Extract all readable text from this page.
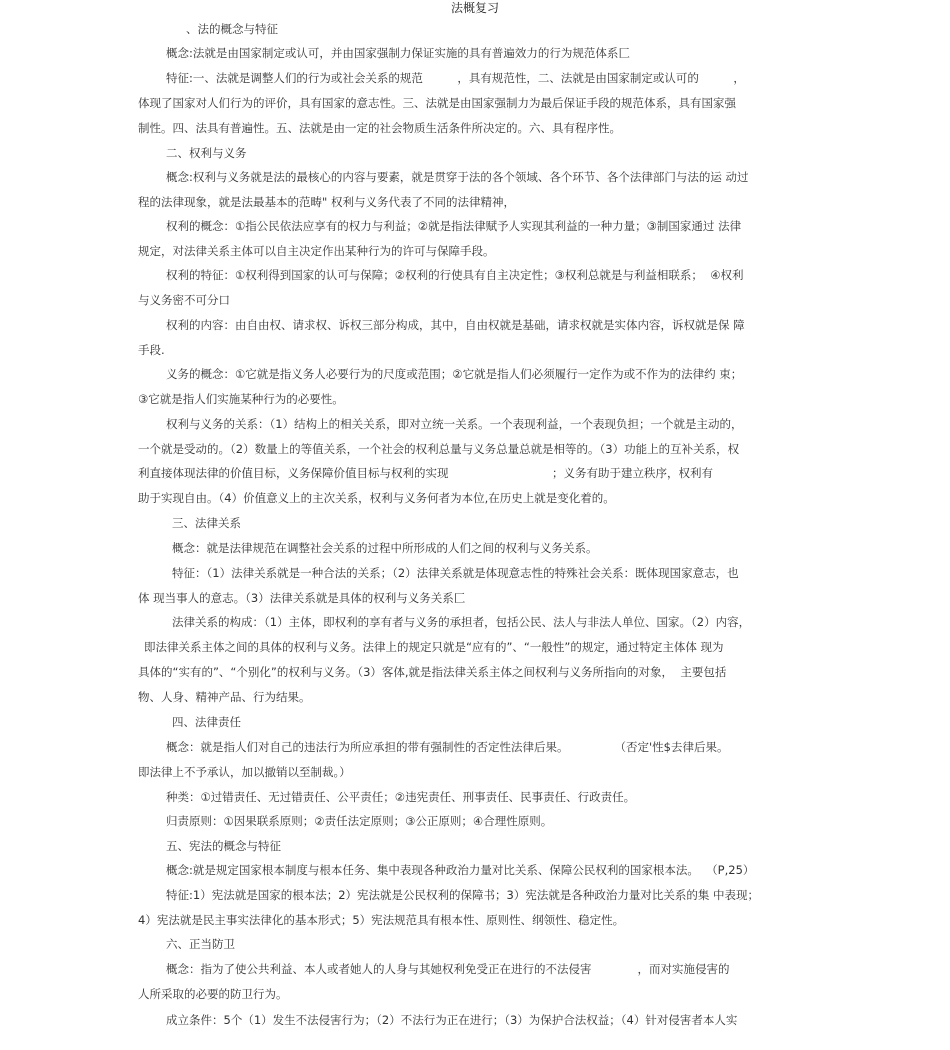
法概复习
、法的概念与特征
概念:法就是由国家制定或认可，并由国家强制力保证实施的具有普遍效力的行为规范体系匚
特征:一、法就是调整人们的行为或社会关系的规范　　　，具有规范性，二、法就是由国家制定或认可的　　　，
体现了国家对人们行为的评价，具有国家的意志性。三、法就是由国家强制力为最后保证手段的规范体系，具有国家强
制性。四、法具有普遍性。五、法就是由一定的社会物质生活条件所决定的。六、具有程序性。
二、权利与义务
概念:权利与义务就是法的最核心的内容与要素，就是贯穿于法的各个领域、各个环节、各个法律部门与法的运 动过
程的法律现象，就是法最基本的范畴" 权利与义务代表了不同的法律精神，
权利的概念：①指公民依法应享有的权力与利益；②就是指法律赋予人实现其利益的一种力量；③制国家通过 法律
规定，对法律关系主体可以自主决定作出某种行为的许可与保障手段。
权利的特征：①权利得到国家的认可与保障；②权利的行使具有自主决定性；③权利总就是与利益相联系；  ④权利
与义务密不可分口
权利的内容：由自由权、请求权、诉权三部分构成，其中，自由权就是基础，请求权就是实体内容，诉权就是保 障
手段.
义务的概念：①它就是指义务人必要行为的尺度或范围；②它就是指人们必须履行一定作为或不作为的法律约 束；
③它就是指人们实施某种行为的必要性。
权利与义务的关系：（1）结构上的相关关系，即对立统一关系。一个表现利益，一个表现负担；一个就是主动的，
一个就是受动的。（2）数量上的等值关系，一个社会的权利总量与义务总量总就是相等的。（3）功能上的互补关系，权
利直接体现法律的价值目标，义务保障价值目标与权利的实现　　　　　　　　　；义务有助于建立秩序，权利有
助于实现自由。（4）价值意义上的主次关系，权利与义务何者为本位,在历史上就是变化着的。
三、法律关系
概念：就是法律规范在调整社会关系的过程中所形成的人们之间的权利与义务关系。
特征：（1）法律关系就是一种合法的关系；（2）法律关系就是体现意志性的特殊社会关系：既体现国家意志，也
体 现当事人的意志。（3）法律关系就是具体的权利与义务关系匚
法律关系的构成：（1）主体，即权利的享有者与义务的承担者，包括公民、法人与非法人单位、国家。（2）内容，
即法律关系主体之间的具体的权利与义务。法律上的规定只就是“应有的”、“一般性”的规定，通过特定主体体 现为
具体的“实有的”、“个别化”的权利与义务。（3）客体,就是指法律关系主体之间权利与义务所指向的对象，  主要包括
物、人身、精神产品、行为结果。
四、法律责任
概念：就是指人们对自己的违法行为所应承担的带有强制性的否定性法律后果。　　　　　（否定'性$去律后果。
即法律上不予承认，加以撤销以至制裁。）
种类：①过错责任、无过错责任、公平责任；②违宪责任、刑事责任、民事责任、行政责任。
归责原则：①因果联系原则；②责任法定原则；③公正原则；④合理性原则。
五、宪法的概念与特征
概念:就是规定国家根本制度与根本任务、集中表现各种政治力量对比关系、保障公民权利的国家根本法。  （P,25）
特征:1）宪法就是国家的根本法；2）宪法就是公民权利的保障书；3）宪法就是各种政治力量对比关系的集 中表现；
4）宪法就是民主事实法律化的基本形式；5）宪法规范具有根本性、原则性、纲领性、稳定性。
六、正当防卫
概念：指为了使公共利益、本人或者她人的人身与其她权利免受正在进行的不法侵害　　　　，而对实施侵害的
人所采取的必要的防卫行为。
成立条件：5个（1）发生不法侵害行为；（2）不法行为正在进行；（3）为保护合法权益；（4）针对侵害者本人实
